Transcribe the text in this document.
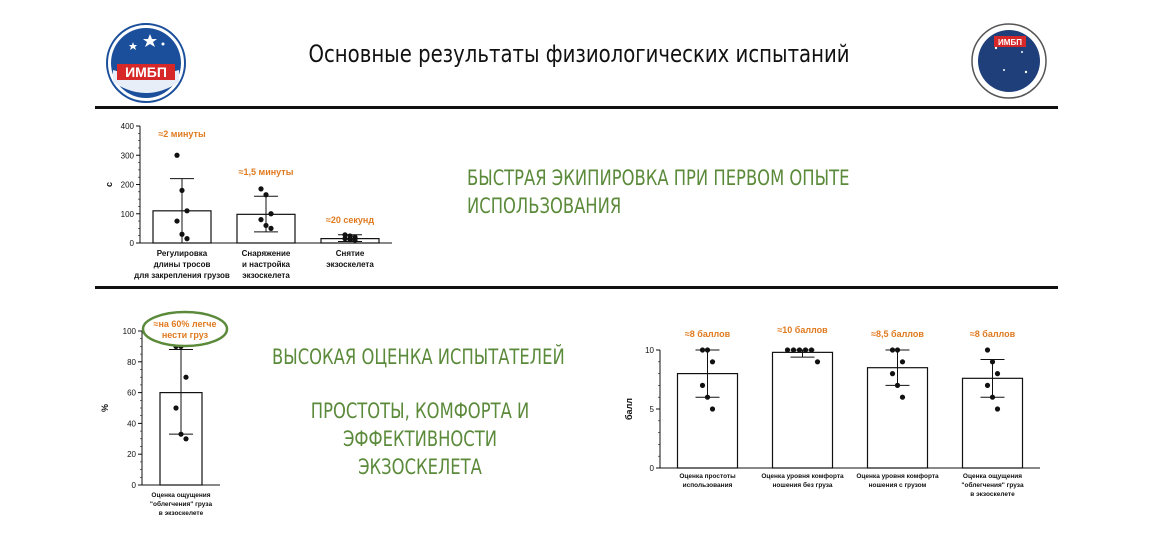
ИМБП
Основные результаты физиологических испытаний	ИМБП
БЫСТРАЯ ЭКИПИРОВКА ПРИ ПЕРВОМ ОПЫТЕ
ИСПОЛЬЗОВАНИЯ
ВЫСОКАЯ ОЦЕНКА ИСПЫТАТЕЛЕЙ
ПРОСТОТЫ, КОМФОРТА И
ЭФФЕКТИВНОСТИ
ЭКЗОСКЕЛЕТА
0
100
200
300
400
с
Регулировка
длины тросов
для закрепления грузов
≈2 минуты
Снаряжение
и настройка
экзоскелета
≈1,5 минуты
Снятие
экзоскелета
≈20 секунд
0
20
40
60
80
100
%
Оценка ощущения
"облегчения" груза
в экзоскелете
≈на 60% легче
нести груз
0
5
10
балл
Оценка простоты
использования
≈8 баллов
Оценка уровня комфорта
ношения без груза
≈10 баллов
Оценка уровня комфорта
ношения с грузом
≈8,5 баллов
Оценка ощущения
"облегчения" груза
в экзоскелете
≈8 баллов
